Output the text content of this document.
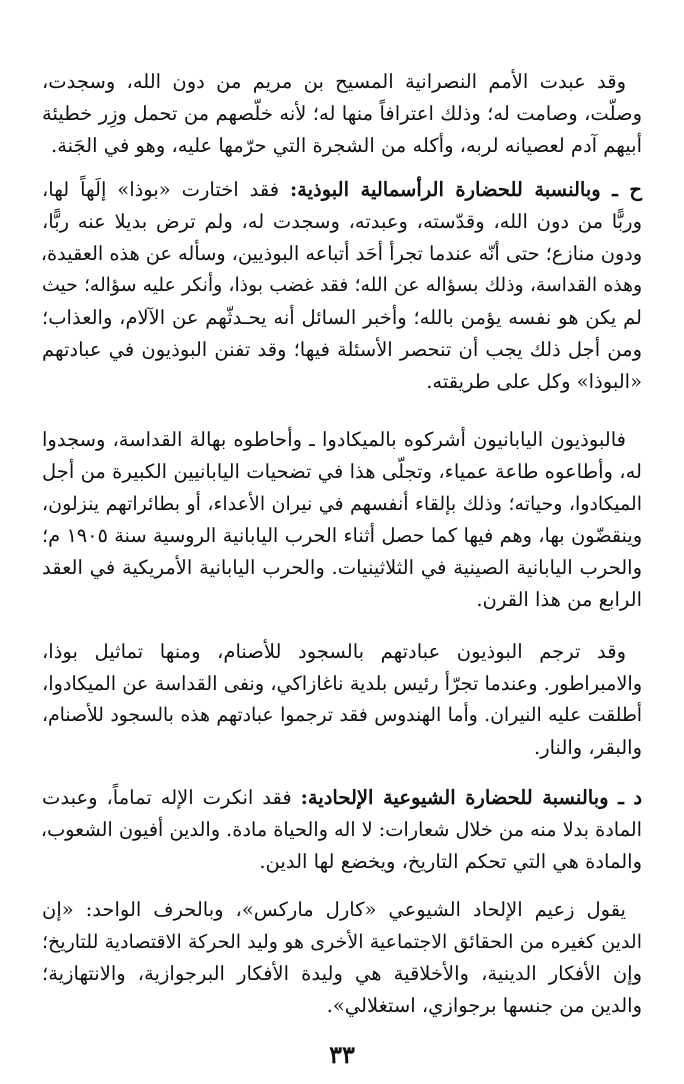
وقد عبدت الأمم النصرانية المسيح بن مريم من دون الله، وسجدت،
وصلّت، وصامت له؛ وذلك اعترافاً منها له؛ لأنه خلّصهم من تحمل وزِر خطيئة
أبيهم آدم لعصيانه لربه، وأكله من الشجرة التي حرّمها عليه، وهو في الجَنة.
ح ـ وبالنسبة للحضارة الرأسمالية البوذية: فقد اختارت «بوذا» إلَهاً لها،
وربًّا من دون الله، وقدّسته، وعبدته، وسجدت له، ولم ترض بديلا عنه ربًّا،
ودون منازع؛ حتى أنّه عندما تجرأ أحَد أتباعه البوذيين، وسأله عن هذه العقيدة،
وهذه القداسة، وذلك بسؤاله عن الله؛ فقد غضب بوذا، وأنكر عليه سؤاله؛ حيث
لم يكن هو نفسه يؤمن بالله؛ وأخبر السائل أنه يحـدثّهم عن الآلام، والعذاب؛
ومن أجل ذلك يجب أن تنحصر الأسئلة فيها؛ وقد تفنن البوذيون في عبادتهم
«البوذا» وكل على طريقته.
فالبوذيون اليابانيون أشركوه بالميكادوا ـ وأحاطوه بهالة القداسة، وسجدوا
له، وأطاعوه طاعة عمياء، وتجلّى هذا في تضحيات اليابانيين الكبيرة من أجل
الميكادوا، وحياته؛ وذلك بإلقاء أنفسهم في نيران الأعداء، أو بطائراتهم ينزلون،
وينقضّون بها، وهم فيها كما حصل أثناء الحرب اليابانية الروسية سنة ١٩٠٥ م؛
والحرب اليابانية الصينية في الثلاثينيات. والحرب اليابانية الأمريكية في العقد
الرابع من هذا القرن.
وقد ترجم البوذيون عبادتهم بالسجود للأصنام، ومنها تماثيل بوذا،
والامبراطور. وعندما تجرّأ رئيس بلدية ناغازاكي، ونفى القداسة عن الميكادوا،
أطلقت عليه النيران. وأما الهندوس فقد ترجموا عبادتهم هذه بالسجود للأصنام،
والبقر، والنار.
د ـ وبالنسبة للحضارة الشيوعية الإلحادية: فقد انكرت الإله تماماً، وعبدت
المادة بدلا منه من خلال شعارات: لا اله والحياة مادة. والدين أفيون الشعوب،
والمادة هي التي تحكم التاريخ، ويخضع لها الدين.
يقول زعيم الإلحاد الشيوعي «كارل ماركس»، وبالحرف الواحد: «إن
الدين كغيره من الحقائق الاجتماعية الأخرى هو وليد الحركة الاقتصادية للتاريخ؛
وإن الأفكار الدينية، والأخلاقية هي وليدة الأفكار البرجوازية، والانتهازية؛
والدين من جنسها برجوازي، استغلالي».
٣٣
